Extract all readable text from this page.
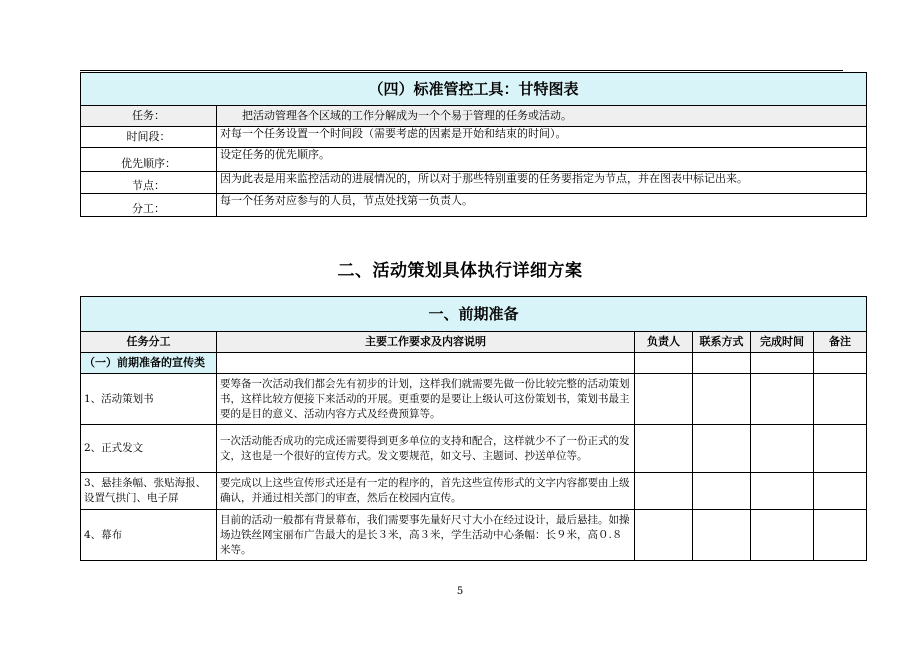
（四）标准管控工具：甘特图表	
任务：	　　把活动管理各个区域的工作分解成为一个个易于管理的任务或活动。
时间段：	对每一个任务设置一个时间段（需要考虑的因素是开始和结束的时间）。
优先顺序：	设定任务的优先顺序。
节点：	因为此表是用来监控活动的进展情况的，所以对于那些特别重要的任务要指定为节点，并在图表中标记出来。
分工：	每一个任务对应参与的人员，节点处找第一负责人。
二、活动策划具体执行详细方案
一、前期准备					
任务分工	主要工作要求及内容说明	负责人	联系方式	完成时间	备注
（一）前期准备的宣传类					
1、活动策划书	要筹备一次活动我们都会先有初步的计划，这样我们就需要先做一份比较完整的活动策划书，这样比较方便接下来活动的开展。更重要的是要让上级认可这份策划书，策划书最主要的是目的意义、活动内容方式及经费预算等。				
2、正式发文	一次活动能否成功的完成还需要得到更多单位的支持和配合，这样就少不了一份正式的发文，这也是一个很好的宣传方式。发文要规范，如文号、主题词、抄送单位等。				
3、悬挂条幅、张贴海报、设置气拱门、电子屏	要完成以上这些宣传形式还是有一定的程序的，首先这些宣传形式的文字内容都要由上级确认，并通过相关部门的审查，然后在校园内宣传。				
4、幕布	目前的活动一般都有背景幕布，我们需要事先量好尺寸大小在经过设计，最后悬挂。如操场边铁丝网宝丽布广告最大的是长３米，高３米，学生活动中心条幅：长９米，高０.８米等。				
5
